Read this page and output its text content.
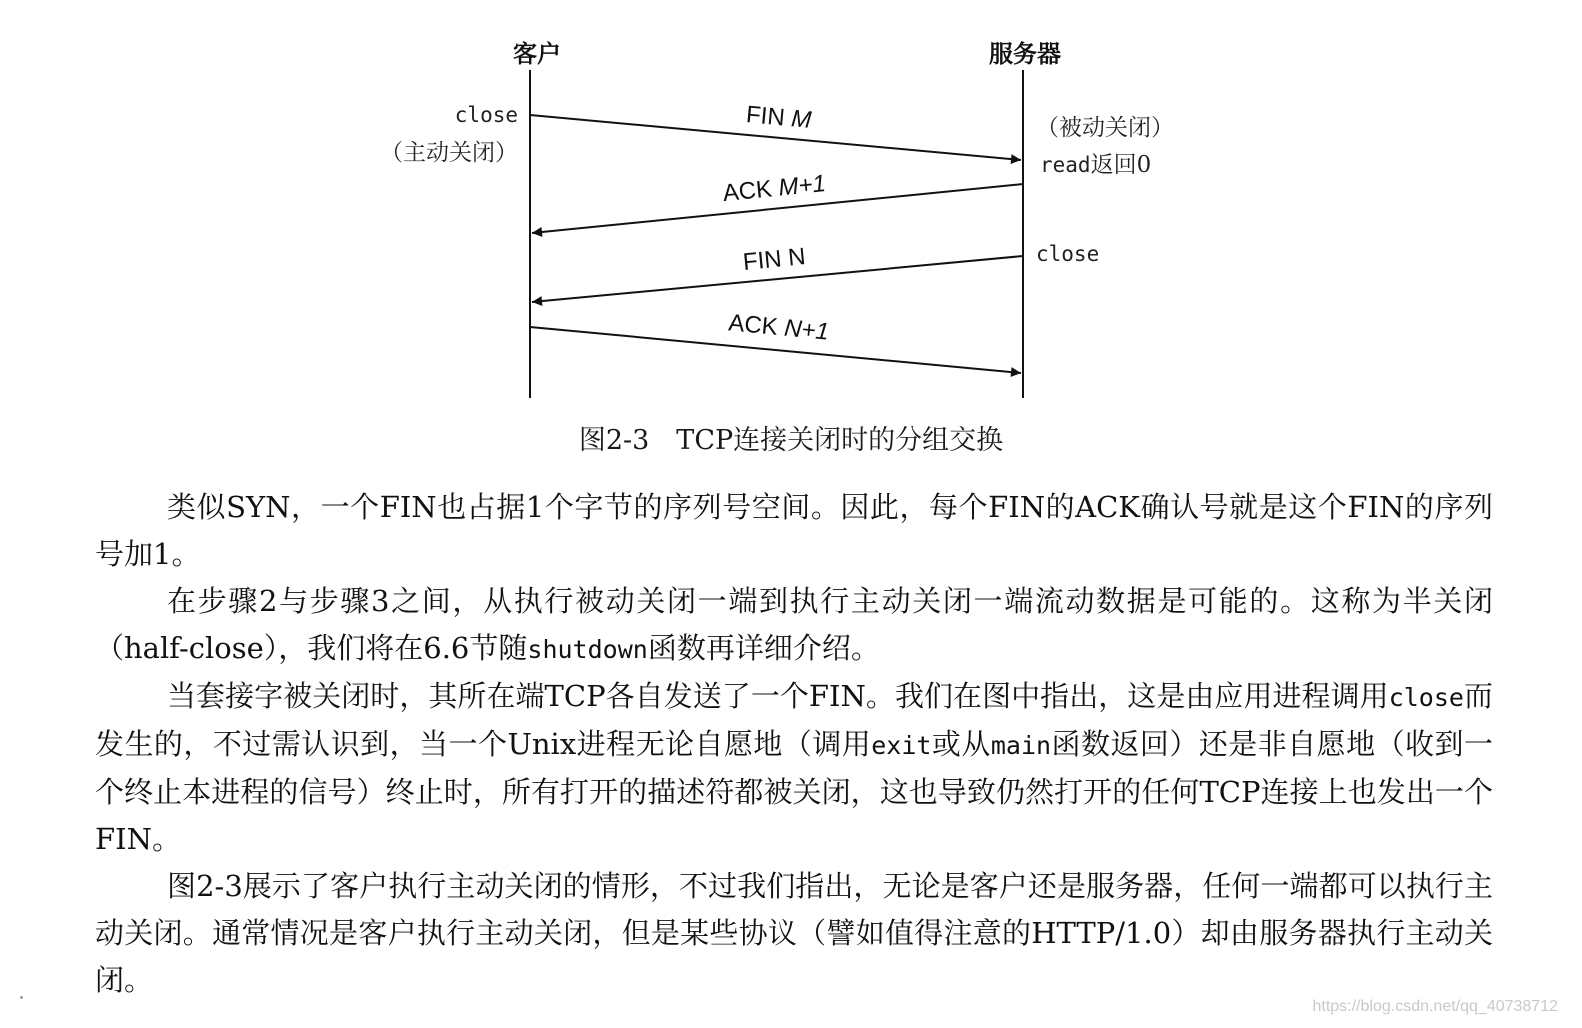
客户	服务器
close
（主动关闭）
（被动关闭）
read返回0
close
FIN M
ACK M+1
FIN N
ACK N+1
图2-3　TCP连接关闭时的分组交换

类似SYN，一个FIN也占据1个字节的序列号空间。因此，每个FIN的ACK确认号就是这个FIN的序列号加1。

在步骤2与步骤3之间，从执行被动关闭一端到执行主动关闭一端流动数据是可能的。这称为半关闭（half-close），我们将在6.6节随shutdown函数再详细介绍。

当套接字被关闭时，其所在端TCP各自发送了一个FIN。我们在图中指出，这是由应用进程调用close而发生的，不过需认识到，当一个Unix进程无论自愿地（调用exit或从main函数返回）还是非自愿地（收到一个终止本进程的信号）终止时，所有打开的描述符都被关闭，这也导致仍然打开的任何TCP连接上也发出一个FIN。

图2-3展示了客户执行主动关闭的情形，不过我们指出，无论是客户还是服务器，任何一端都可以执行主动关闭。通常情况是客户执行主动关闭，但是某些协议（譬如值得注意的HTTP/1.0）却由服务器执行主动关闭。

https://blog.csdn.net/qq_40738712
